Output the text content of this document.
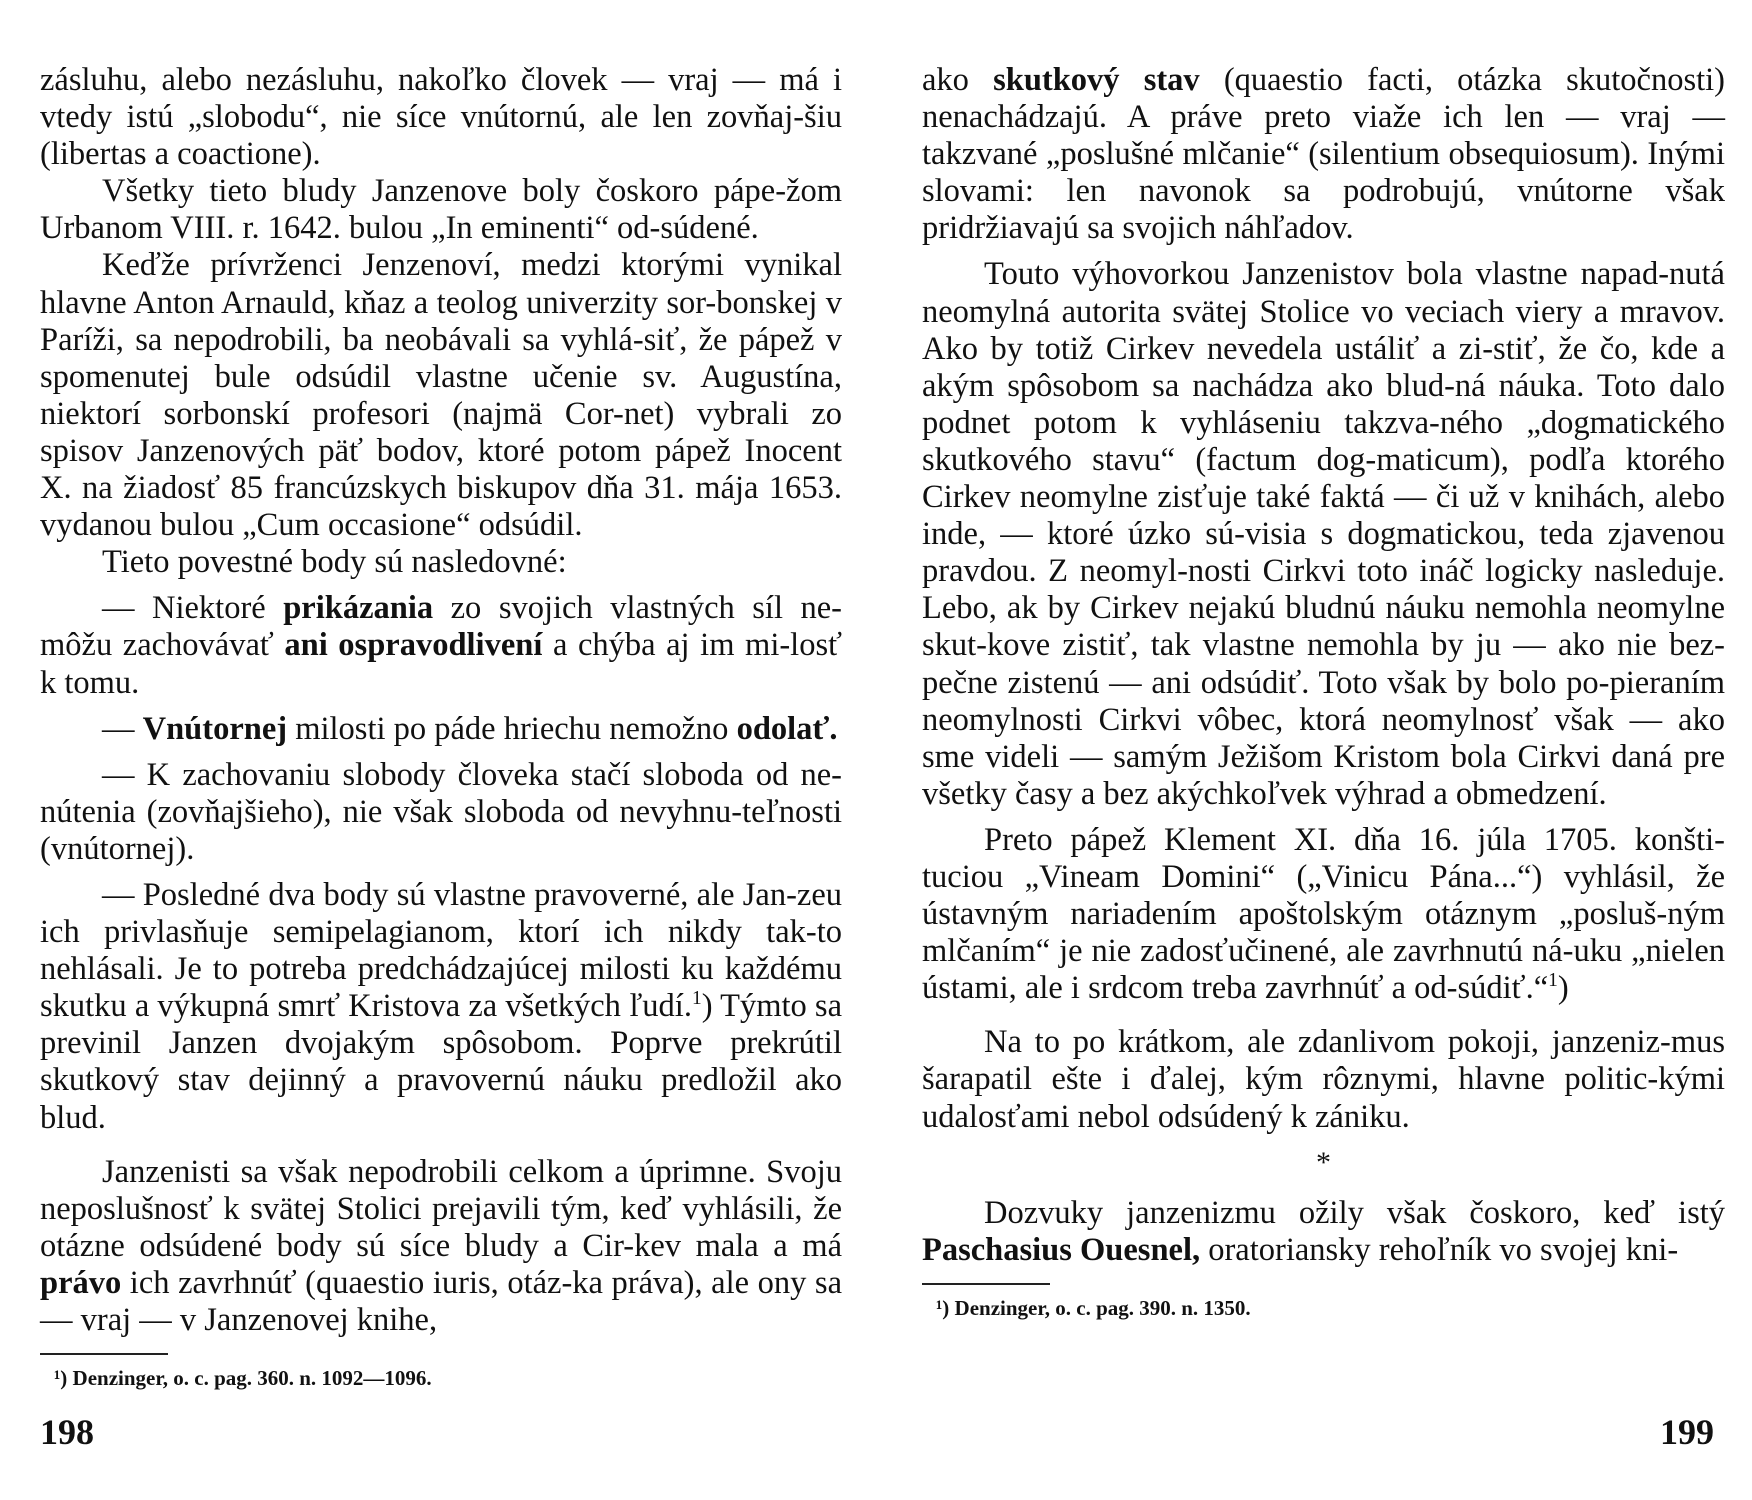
zásluhu, alebo nezásluhu, nakoľko človek — vraj — má i vtedy istú „slobodu“, nie síce vnútornú, ale len zovňaj-šiu (libertas a coactione).

Všetky tieto bludy Janzenove boly čoskoro pápe-žom Urbanom VIII. r. 1642. bulou „In eminenti“ od-súdené.

Keďže prívrženci Jenzenoví, medzi ktorými vynikal hlavne Anton Arnauld, kňaz a teolog univerzity sor-bonskej v Paríži, sa nepodrobili, ba neobávali sa vyhlá-siť, že pápež v spomenutej bule odsúdil vlastne učenie sv. Augustína, niektorí sorbonskí profesori (najmä Cor-net) vybrali zo spisov Janzenových päť bodov, ktoré potom pápež Inocent X. na žiadosť 85 francúzskych biskupov dňa 31. mája 1653. vydanou bulou „Cum occasione“ odsúdil.

Tieto povestné body sú nasledovné:

— Niektoré prikázania zo svojich vlastných síl ne-môžu zachovávať ani ospravodlivení a chýba aj im mi-losť k tomu.

— Vnútornej milosti po páde hriechu nemožno odolať.

— K zachovaniu slobody človeka stačí sloboda od ne-nútenia (zovňajšieho), nie však sloboda od nevyhnu-teľnosti (vnútornej).

— Posledné dva body sú vlastne pravoverné, ale Jan-zeu ich privlasňuje semipelagianom, ktorí ich nikdy tak-to nehlásali. Je to potreba predchádzajúcej milosti ku každému skutku a výkupná smrť Kristova za všetkých ľudí.$^1$) Týmto sa previnil Janzen dvojakým spôsobom. Poprve prekrútil skutkový stav dejinný a pravovernú náuku predložil ako blud.

Janzenisti sa však nepodrobili celkom a úprimne. Svoju neposlušnosť k svätej Stolici prejavili tým, keď vyhlásili, že otázne odsúdené body sú síce bludy a Cir-kev mala a má právo ich zavrhnúť (quaestio iuris, otáz-ka práva), ale ony sa — vraj — v Janzenovej knihe,

¹) Denzinger, o. c. pag. 360. n. 1092—1096.

ako skutkový stav (quaestio facti, otázka skutočnosti) nenachádzajú. A práve preto viaže ich len — vraj — takzvané „poslušné mlčanie“ (silentium obsequiosum). Inými slovami: len navonok sa podrobujú, vnútorne však pridržiavajú sa svojich náhľadov.

Touto výhovorkou Janzenistov bola vlastne napad-nutá neomylná autorita svätej Stolice vo veciach viery a mravov. Ako by totiž Cirkev nevedela ustáliť a zi-stiť, že čo, kde a akým spôsobom sa nachádza ako blud-ná náuka. Toto dalo podnet potom k vyhláseniu takzva-ného „dogmatického skutkového stavu“ (factum dog-maticum), podľa ktorého Cirkev neomylne zisťuje také faktá — či už v knihách, alebo inde, — ktoré úzko sú-visia s dogmatickou, teda zjavenou pravdou. Z neomyl-nosti Cirkvi toto ináč logicky nasleduje. Lebo, ak by Cirkev nejakú bludnú náuku nemohla neomylne skut-kove zistiť, tak vlastne nemohla by ju — ako nie bez-pečne zistenú — ani odsúdiť. Toto však by bolo po-pieraním neomylnosti Cirkvi vôbec, ktorá neomylnosť však — ako sme videli — samým Ježišom Kristom bola Cirkvi daná pre všetky časy a bez akýchkoľvek výhrad a obmedzení.

Preto pápež Klement XI. dňa 16. júla 1705. konšti-tuciou „Vineam Domini“ („Vinicu Pána...“) vyhlásil, že ústavným nariadením apoštolským otáznym „posluš-ným mlčaním“ je nie zadosťučinené, ale zavrhnutú ná-uku „nielen ústami, ale i srdcom treba zavrhnúť a od-súdiť.“$^1$)

Na to po krátkom, ale zdanlivom pokoji, janzeniz-mus šarapatil ešte i ďalej, kým rôznymi, hlavne politic-kými udalosťami nebol odsúdený k zániku.

*

Dozvuky janzenizmu ožily však čoskoro, keď istý Paschasius Ouesnel, oratoriansky rehoľník vo svojej kni-

¹) Denzinger, o. c. pag. 390. n. 1350.
198	199
